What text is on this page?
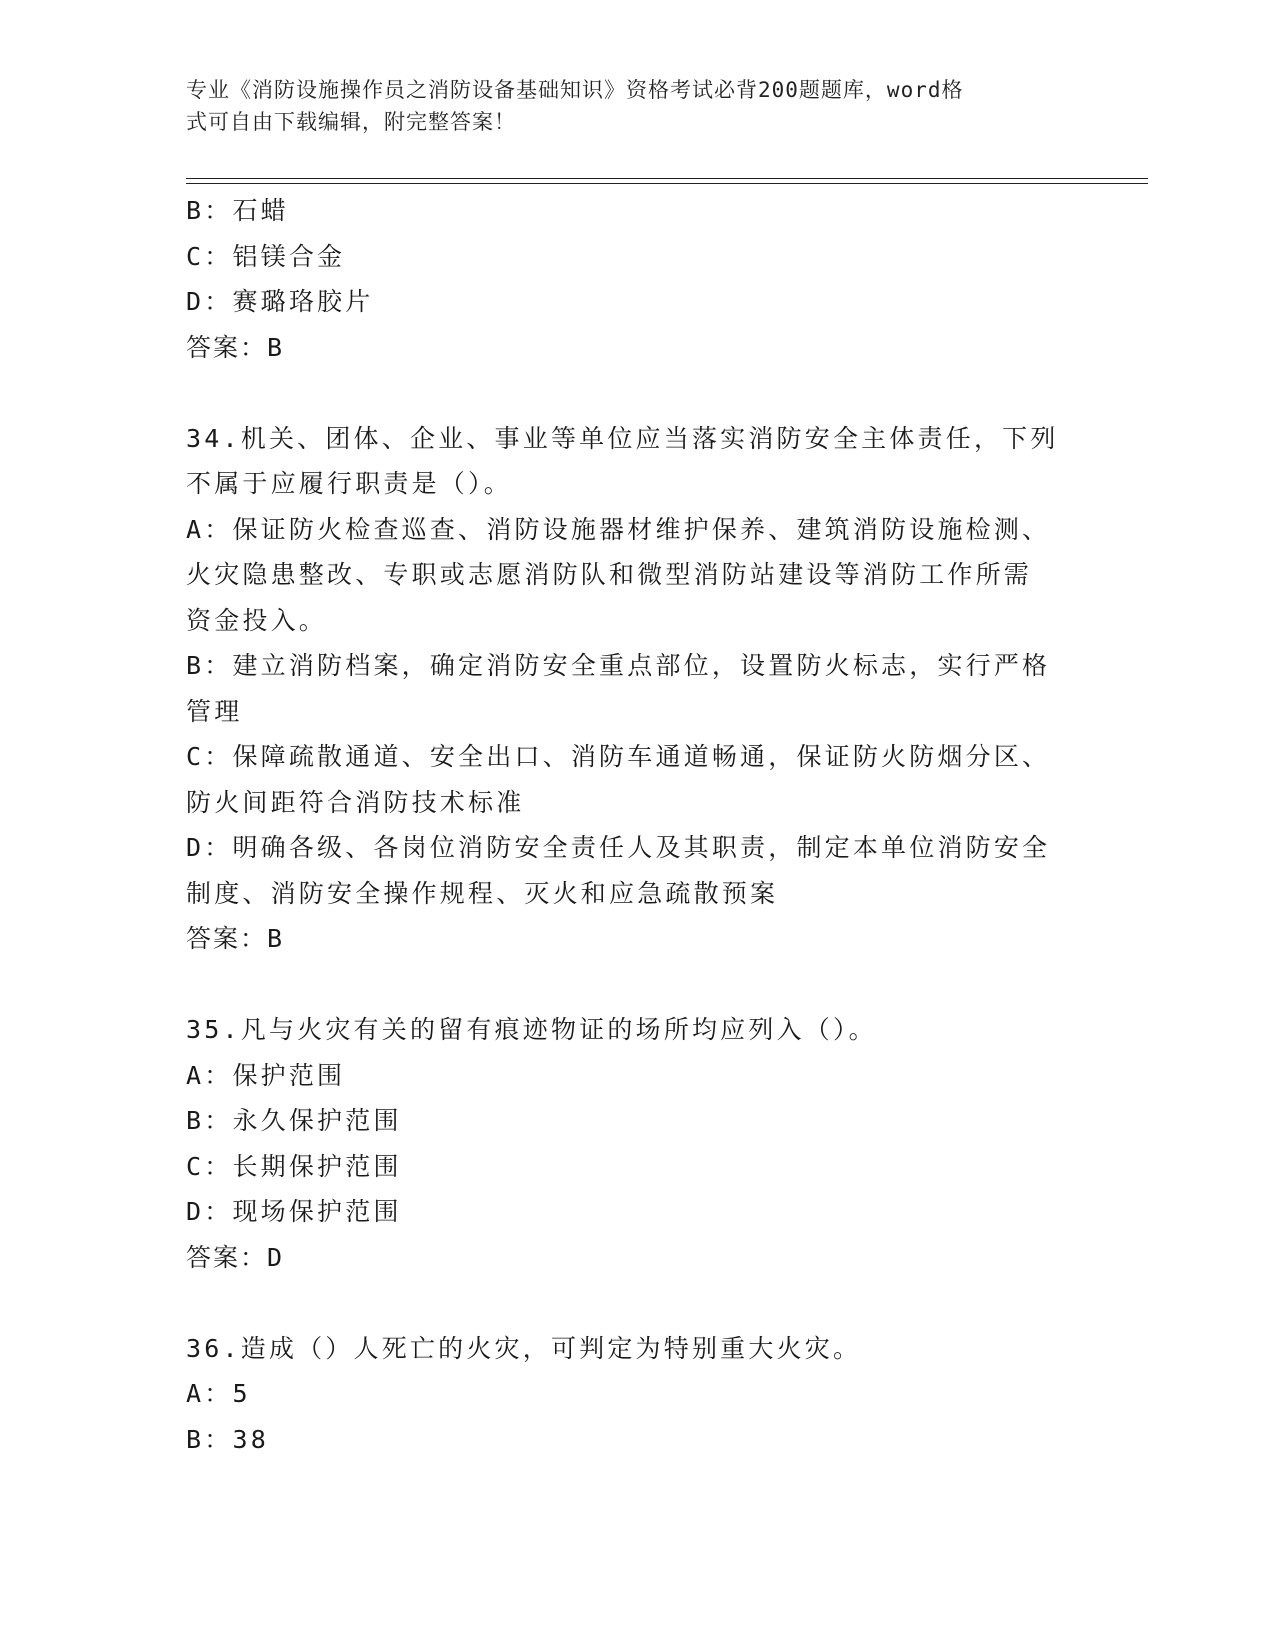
专业《消防设施操作员之消防设备基础知识》资格考试必背200题题库，word格
式可自由下载编辑，附完整答案！
B：石蜡
C：铝镁合金
D：赛璐珞胶片
答案：B
34.机关、团体、企业、事业等单位应当落实消防安全主体责任，下列
不属于应履行职责是（）。
A：保证防火检查巡查、消防设施器材维护保养、建筑消防设施检测、
火灾隐患整改、专职或志愿消防队和微型消防站建设等消防工作所需
资金投入。
B：建立消防档案，确定消防安全重点部位，设置防火标志，实行严格
管理
C：保障疏散通道、安全出口、消防车通道畅通，保证防火防烟分区、
防火间距符合消防技术标准
D：明确各级、各岗位消防安全责任人及其职责，制定本单位消防安全
制度、消防安全操作规程、灭火和应急疏散预案
答案：B
35.凡与火灾有关的留有痕迹物证的场所均应列入（）。
A：保护范围
B：永久保护范围
C：长期保护范围
D：现场保护范围
答案：D
36.造成（）人死亡的火灾，可判定为特别重大火灾。
A：5
B：38
